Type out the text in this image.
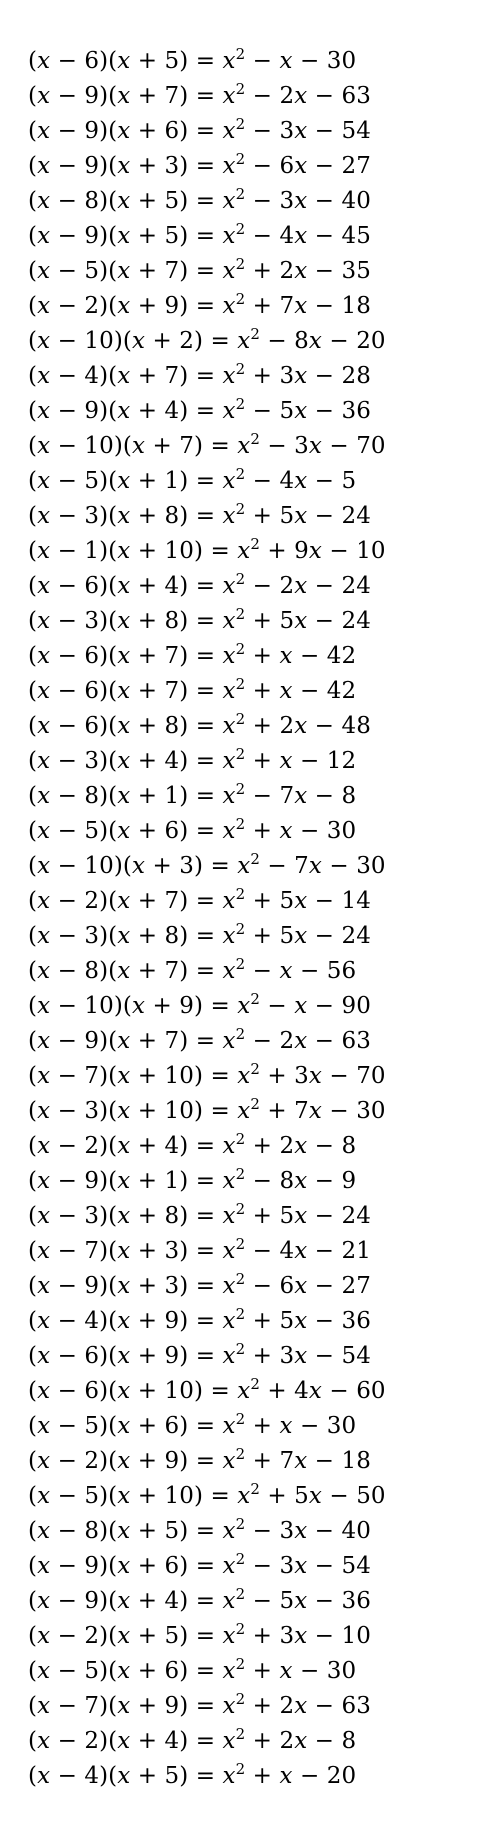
$(x - 6)(x + 5) = x^2 - x - 30$
$(x - 9)(x + 7) = x^2 - 2x - 63$
$(x - 9)(x + 6) = x^2 - 3x - 54$
$(x - 9)(x + 3) = x^2 - 6x - 27$
$(x - 8)(x + 5) = x^2 - 3x - 40$
$(x - 9)(x + 5) = x^2 - 4x - 45$
$(x - 5)(x + 7) = x^2 + 2x - 35$
$(x - 2)(x + 9) = x^2 + 7x - 18$
$(x - 10)(x + 2) = x^2 - 8x - 20$
$(x - 4)(x + 7) = x^2 + 3x - 28$
$(x - 9)(x + 4) = x^2 - 5x - 36$
$(x - 10)(x + 7) = x^2 - 3x - 70$
$(x - 5)(x + 1) = x^2 - 4x - 5$
$(x - 3)(x + 8) = x^2 + 5x - 24$
$(x - 1)(x + 10) = x^2 + 9x - 10$
$(x - 6)(x + 4) = x^2 - 2x - 24$
$(x - 3)(x + 8) = x^2 + 5x - 24$
$(x - 6)(x + 7) = x^2 + x - 42$
$(x - 6)(x + 7) = x^2 + x - 42$
$(x - 6)(x + 8) = x^2 + 2x - 48$
$(x - 3)(x + 4) = x^2 + x - 12$
$(x - 8)(x + 1) = x^2 - 7x - 8$
$(x - 5)(x + 6) = x^2 + x - 30$
$(x - 10)(x + 3) = x^2 - 7x - 30$
$(x - 2)(x + 7) = x^2 + 5x - 14$
$(x - 3)(x + 8) = x^2 + 5x - 24$
$(x - 8)(x + 7) = x^2 - x - 56$
$(x - 10)(x + 9) = x^2 - x - 90$
$(x - 9)(x + 7) = x^2 - 2x - 63$
$(x - 7)(x + 10) = x^2 + 3x - 70$
$(x - 3)(x + 10) = x^2 + 7x - 30$
$(x - 2)(x + 4) = x^2 + 2x - 8$
$(x - 9)(x + 1) = x^2 - 8x - 9$
$(x - 3)(x + 8) = x^2 + 5x - 24$
$(x - 7)(x + 3) = x^2 - 4x - 21$
$(x - 9)(x + 3) = x^2 - 6x - 27$
$(x - 4)(x + 9) = x^2 + 5x - 36$
$(x - 6)(x + 9) = x^2 + 3x - 54$
$(x - 6)(x + 10) = x^2 + 4x - 60$
$(x - 5)(x + 6) = x^2 + x - 30$
$(x - 2)(x + 9) = x^2 + 7x - 18$
$(x - 5)(x + 10) = x^2 + 5x - 50$
$(x - 8)(x + 5) = x^2 - 3x - 40$
$(x - 9)(x + 6) = x^2 - 3x - 54$
$(x - 9)(x + 4) = x^2 - 5x - 36$
$(x - 2)(x + 5) = x^2 + 3x - 10$
$(x - 5)(x + 6) = x^2 + x - 30$
$(x - 7)(x + 9) = x^2 + 2x - 63$
$(x - 2)(x + 4) = x^2 + 2x - 8$
$(x - 4)(x + 5) = x^2 + x - 20$
